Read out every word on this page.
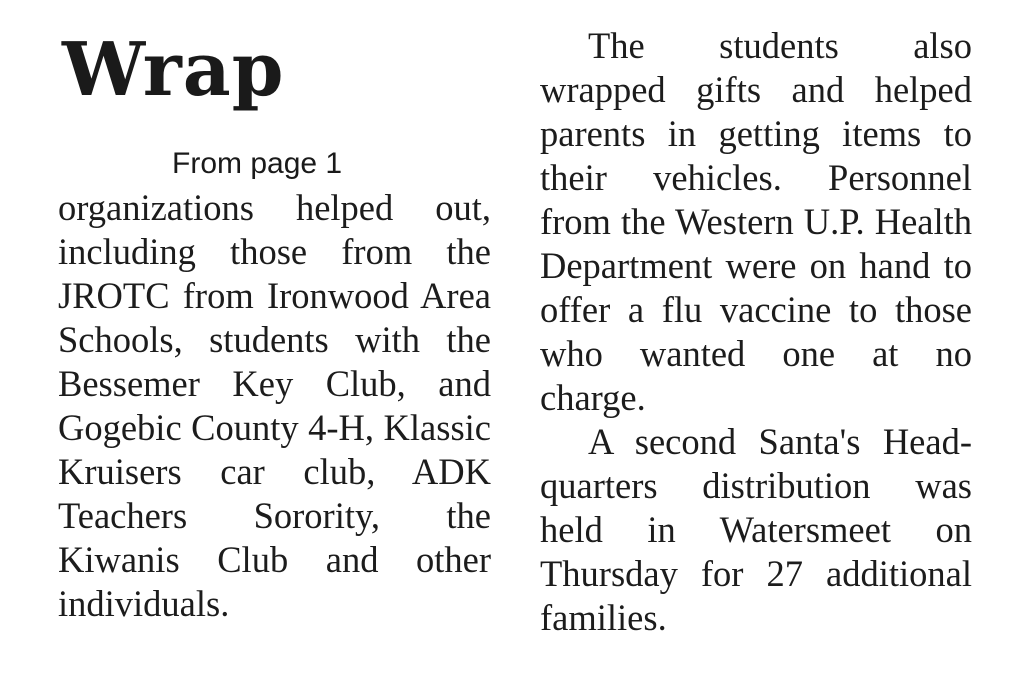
Wrap
From page 1

organizations helped out, including those from the JROTC from Ironwood Area Schools, students with the Bessemer Key Club, and Gogebic County 4-H, Klassic Kruisers car club, ADK Teachers Sorority, the Kiwanis Club and other individuals.

The students also wrapped gifts and helped parents in getting items to their vehicles. Personnel from the Western U.P. Health Department were on hand to offer a flu vaccine to those who wanted one at no charge.

A second Santa's Headquarters distribution was held in Watersmeet on Thursday for 27 additional families.
